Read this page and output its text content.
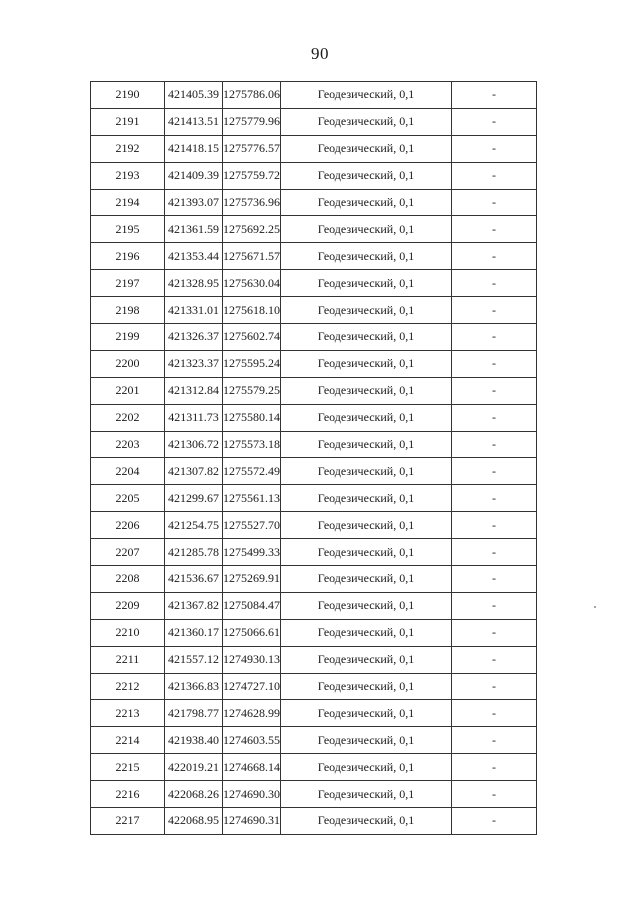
90
2190	421405.39	1275786.06	Геодезический, 0,1	-
2191	421413.51	1275779.96	Геодезический, 0,1	-
2192	421418.15	1275776.57	Геодезический, 0,1	-
2193	421409.39	1275759.72	Геодезический, 0,1	-
2194	421393.07	1275736.96	Геодезический, 0,1	-
2195	421361.59	1275692.25	Геодезический, 0,1	-
2196	421353.44	1275671.57	Геодезический, 0,1	-
2197	421328.95	1275630.04	Геодезический, 0,1	-
2198	421331.01	1275618.10	Геодезический, 0,1	-
2199	421326.37	1275602.74	Геодезический, 0,1	-
2200	421323.37	1275595.24	Геодезический, 0,1	-
2201	421312.84	1275579.25	Геодезический, 0,1	-
2202	421311.73	1275580.14	Геодезический, 0,1	-
2203	421306.72	1275573.18	Геодезический, 0,1	-
2204	421307.82	1275572.49	Геодезический, 0,1	-
2205	421299.67	1275561.13	Геодезический, 0,1	-
2206	421254.75	1275527.70	Геодезический, 0,1	-
2207	421285.78	1275499.33	Геодезический, 0,1	-
2208	421536.67	1275269.91	Геодезический, 0,1	-
2209	421367.82	1275084.47	Геодезический, 0,1	-
2210	421360.17	1275066.61	Геодезический, 0,1	-
2211	421557.12	1274930.13	Геодезический, 0,1	-
2212	421366.83	1274727.10	Геодезический, 0,1	-
2213	421798.77	1274628.99	Геодезический, 0,1	-
2214	421938.40	1274603.55	Геодезический, 0,1	-
2215	422019.21	1274668.14	Геодезический, 0,1	-
2216	422068.26	1274690.30	Геодезический, 0,1	-
2217	422068.95	1274690.31	Геодезический, 0,1	-
